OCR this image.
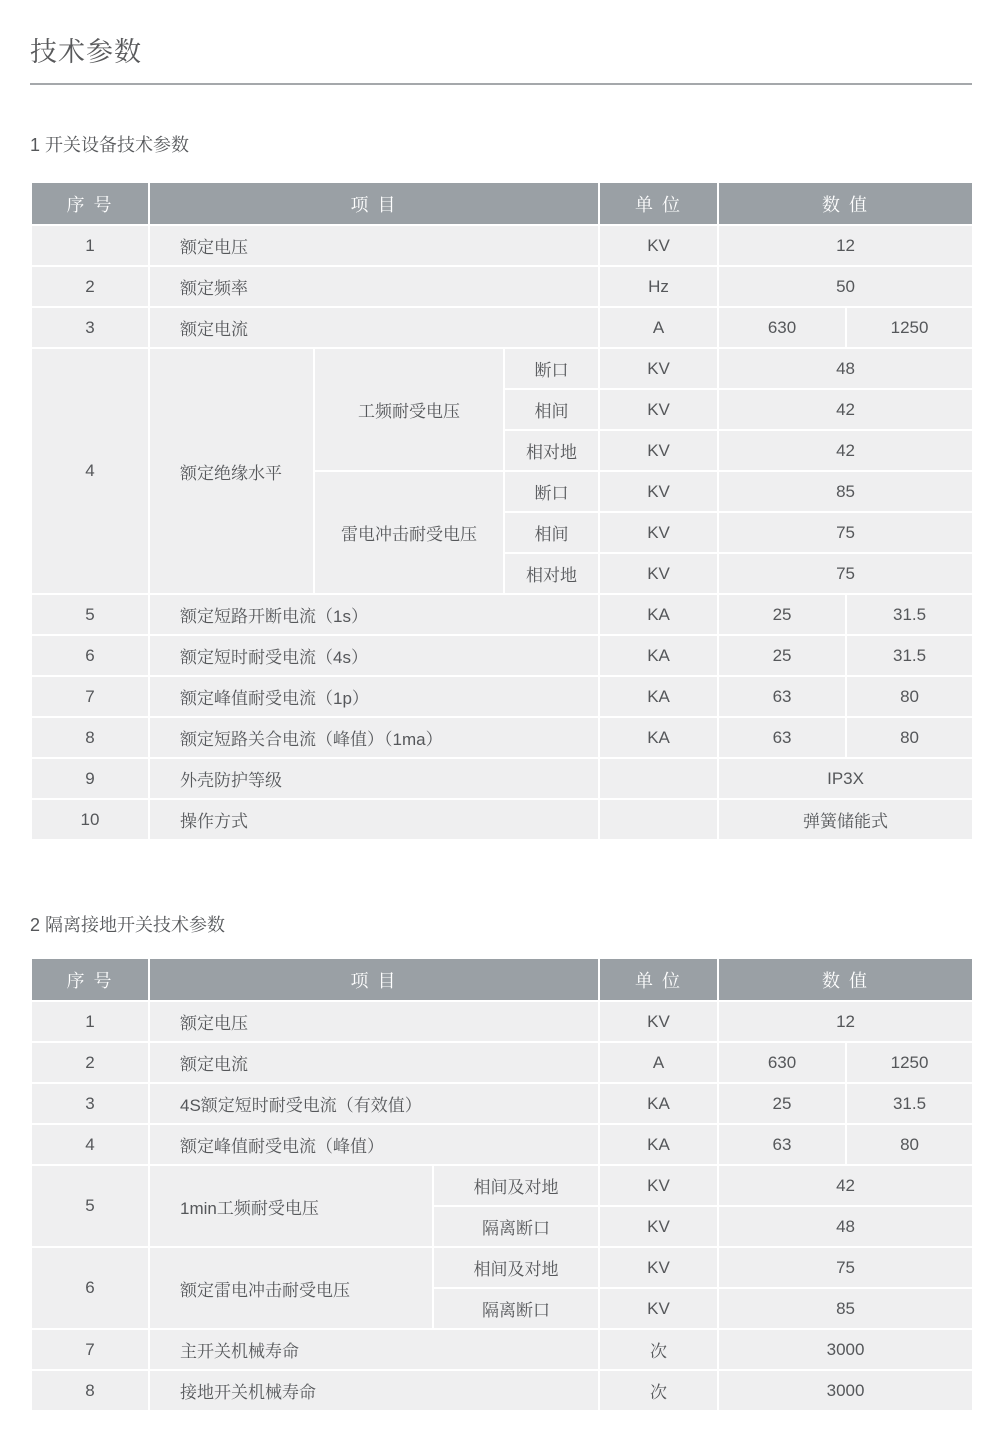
技术参数
1 开关设备技术参数
序 号	项 目			单 位	数 值	
1	额定电压			KV	12	
2	额定频率			Hz	50	
3	额定电流			A	630	1250
4	额定绝缘水平	工频耐受电压	断口	KV	48	
			相间	KV	42	
			相对地	KV	42	
		雷电冲击耐受电压	断口	KV	85	
			相间	KV	75	
			相对地	KV	75	
5	额定短路开断电流（1s）			KA	25	31.5
6	额定短时耐受电流（4s）			KA	25	31.5
7	额定峰值耐受电流（1p）			KA	63	80
8	额定短路关合电流（峰值）（1ma）			KA	63	80
9	外壳防护等级				IP3X	
10	操作方式				弹簧储能式	
2 隔离接地开关技术参数
序 号	项 目		单 位	数 值	
1	额定电压		KV	12	
2	额定电流		A	630	1250
3	4S额定短时耐受电流（有效值）		KA	25	31.5
4	额定峰值耐受电流（峰值）		KA	63	80
5	1min工频耐受电压	相间及对地	KV	42	
		隔离断口	KV	48	
6	额定雷电冲击耐受电压	相间及对地	KV	75	
		隔离断口	KV	85	
7	主开关机械寿命		次	3000	
8	接地开关机械寿命		次	3000	
